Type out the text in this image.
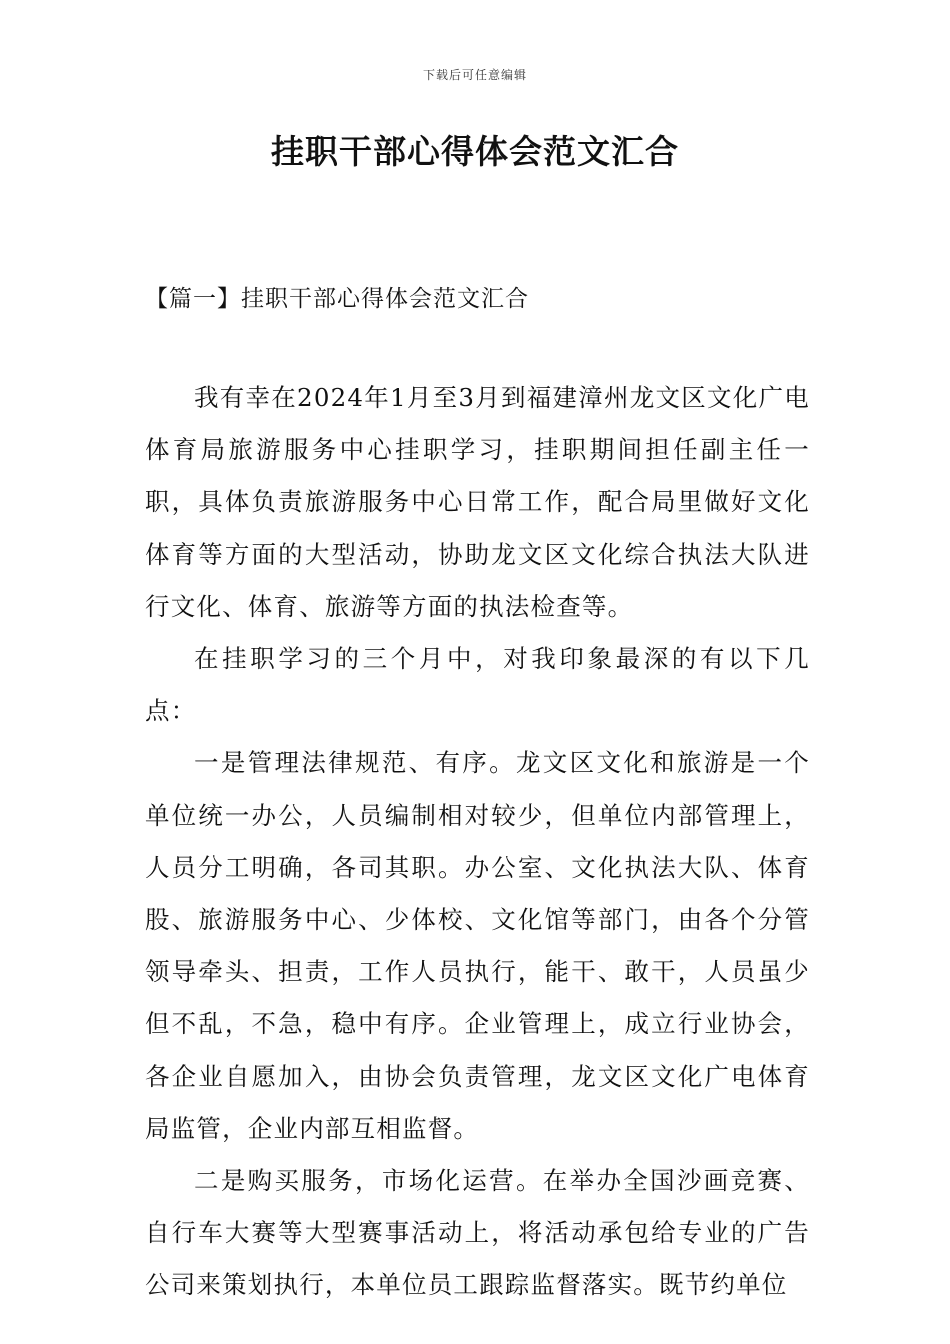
下载后可任意编辑
挂职干部心得体会范文汇合
【篇一】挂职干部心得体会范文汇合

我有幸在2024年1月至3月到福建漳州龙文区文化广电体育局旅游服务中心挂职学习，挂职期间担任副主任一职，具体负责旅游服务中心日常工作，配合局里做好文化体育等方面的大型活动，协助龙文区文化综合执法大队进行文化、体育、旅游等方面的执法检查等。

在挂职学习的三个月中，对我印象最深的有以下几点：

一是管理法律规范、有序。龙文区文化和旅游是一个单位统一办公，人员编制相对较少，但单位内部管理上，人员分工明确，各司其职。办公室、文化执法大队、体育股、旅游服务中心、少体校、文化馆等部门，由各个分管领导牵头、担责，工作人员执行，能干、敢干，人员虽少但不乱，不急，稳中有序。企业管理上，成立行业协会，各企业自愿加入，由协会负责管理，龙文区文化广电体育局监管，企业内部互相监督。

二是购买服务，市场化运营。在举办全国沙画竞赛、自行车大赛等大型赛事活动上，将活动承包给专业的广告公司来策划执行，本单位员工跟踪监督落实。既节约单位
